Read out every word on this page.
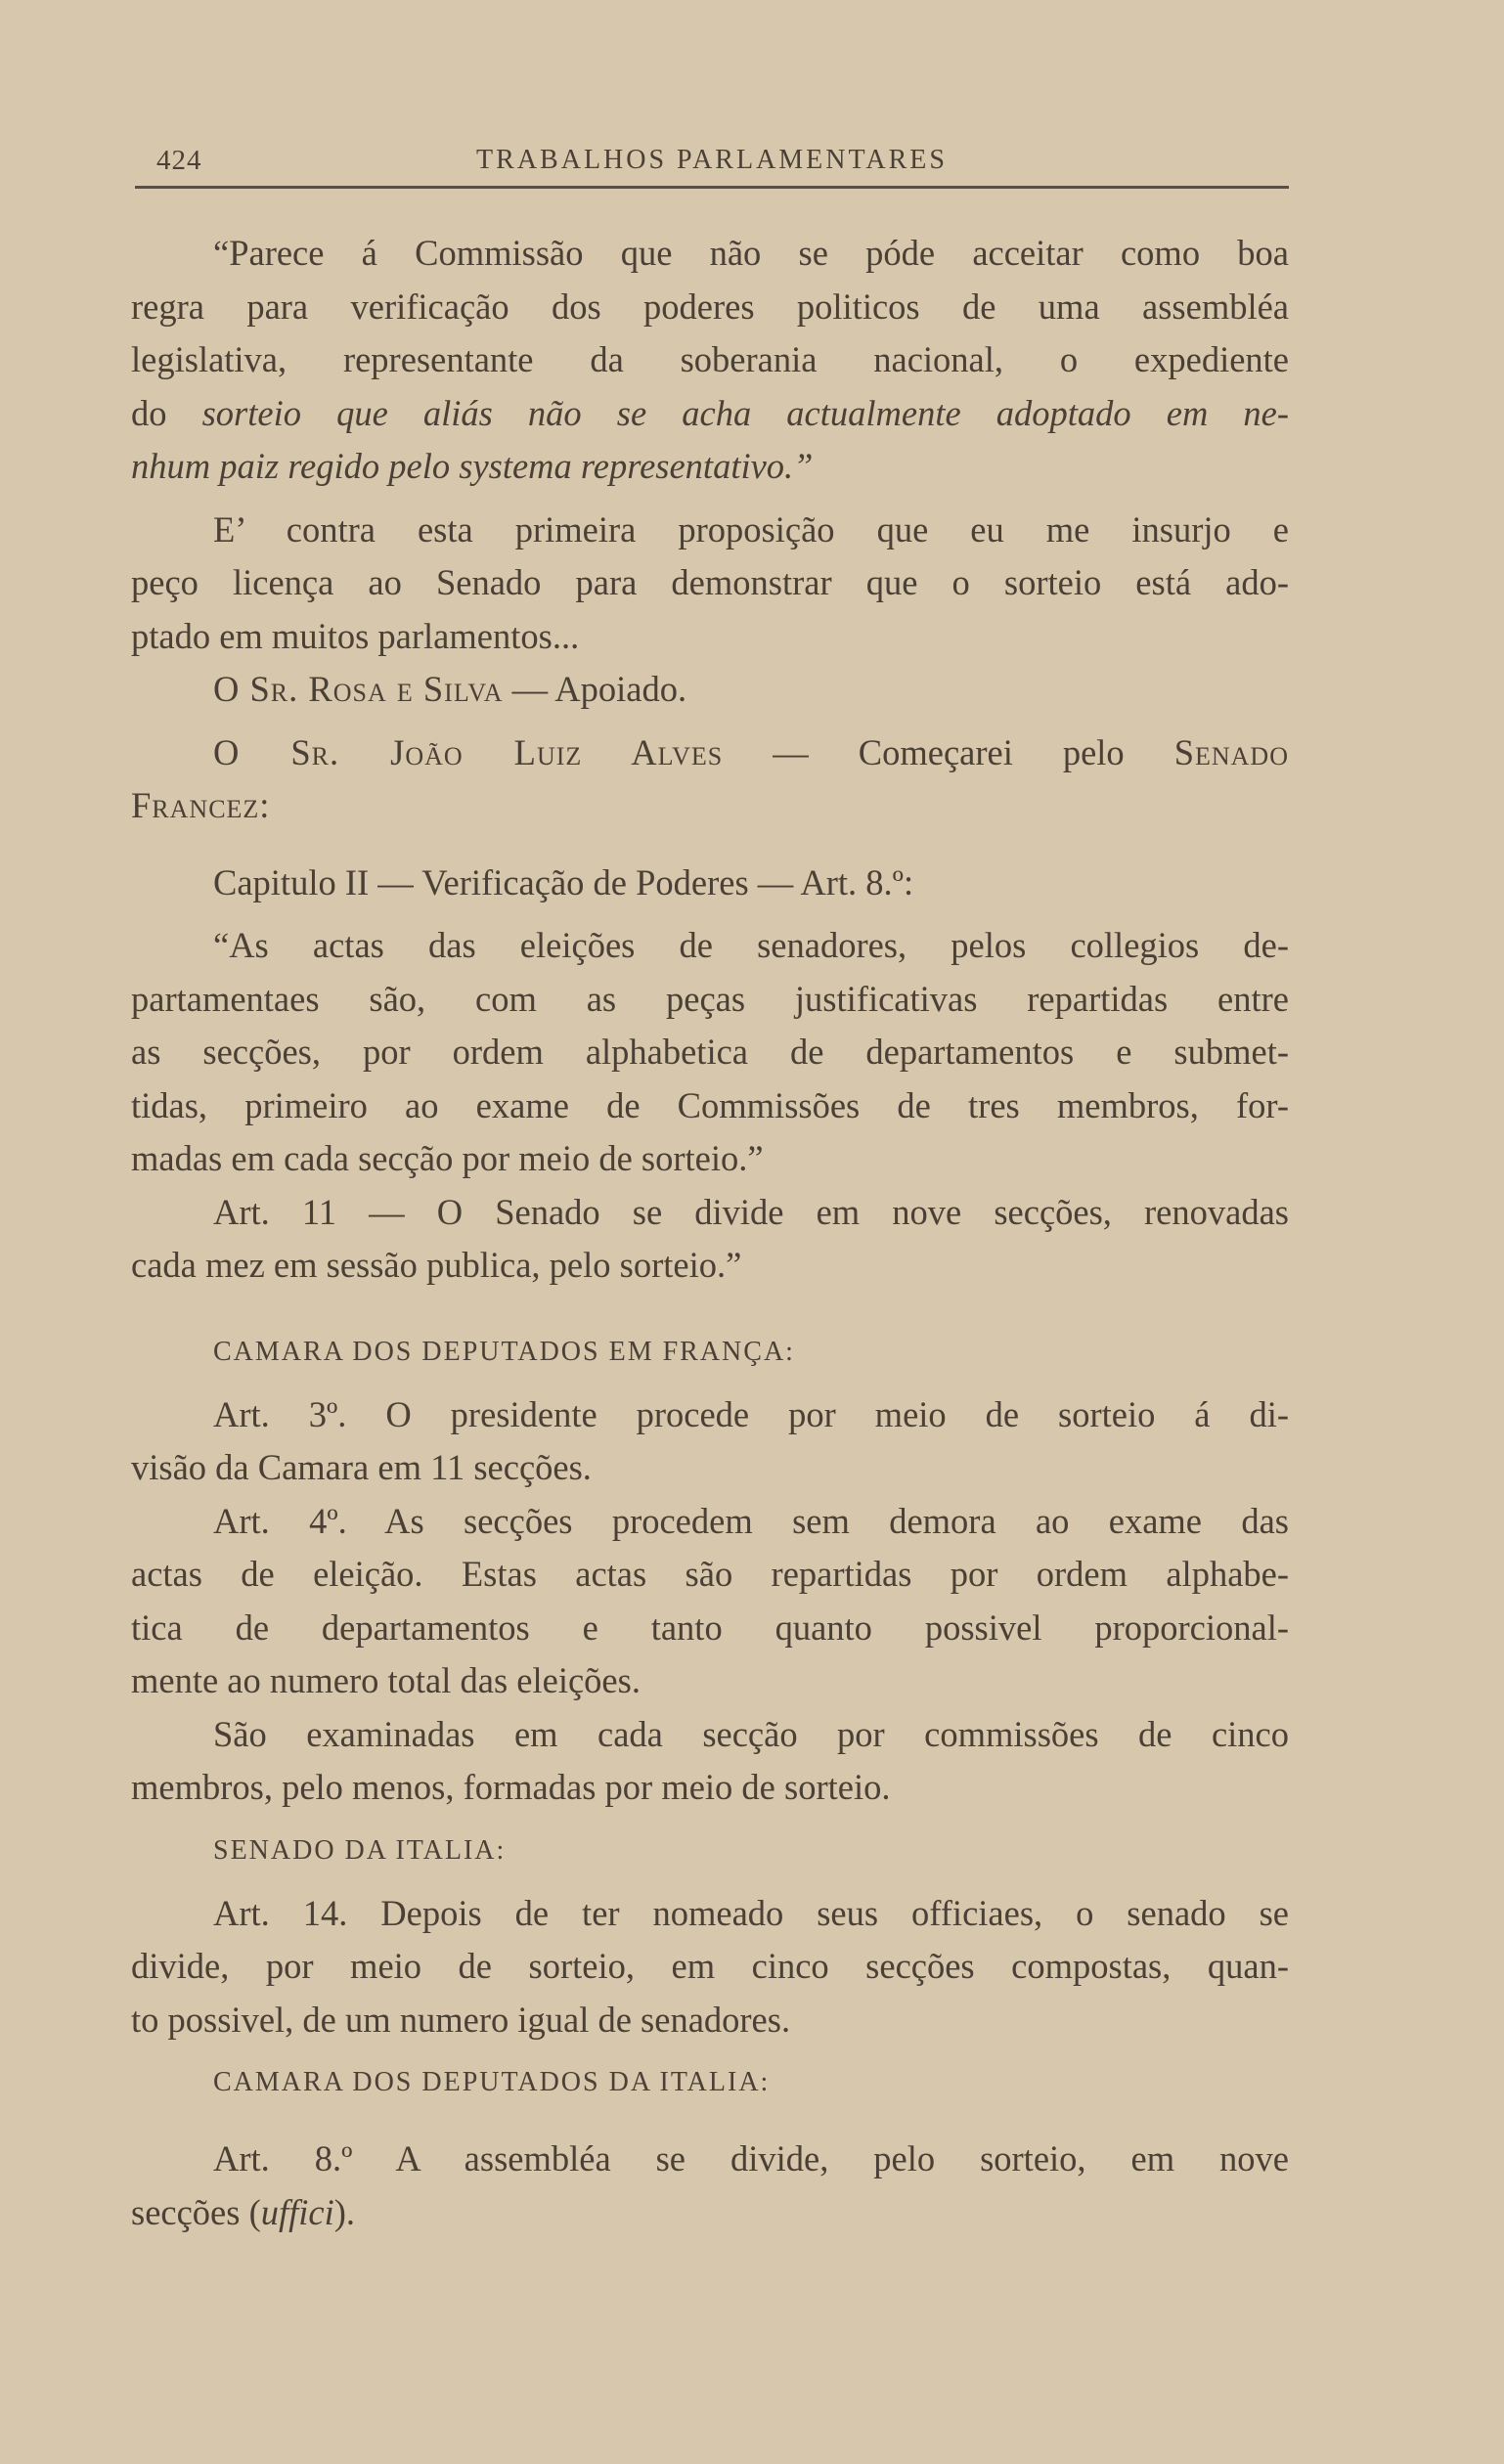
424	TRABALHOS PARLAMENTARES
“Parece á Commissão que não se póde acceitar como boa
regra para verificação dos poderes politicos de uma assembléa
legislativa, representante da soberania nacional, o expediente
do sorteio que aliás não se acha actualmente adoptado em ne-
nhum paiz regido pelo systema representativo.”
E’ contra esta primeira proposição que eu me insurjo e
peço licença ao Senado para demonstrar que o sorteio está ado-
ptado em muitos parlamentos...
O Sr. Rosa e Silva — Apoiado.
O Sr. João Luiz Alves — Começarei pelo Senado
Francez:
Capitulo II — Verificação de Poderes — Art. 8.º:
“As actas das eleições de senadores, pelos collegios de-
partamentaes são, com as peças justificativas repartidas entre
as secções, por ordem alphabetica de departamentos e submet-
tidas, primeiro ao exame de Commissões de tres membros, for-
madas em cada secção por meio de sorteio.”
Art. 11 — O Senado se divide em nove secções, renovadas
cada mez em sessão publica, pelo sorteio.”
CAMARA DOS DEPUTADOS EM FRANÇA:
Art. 3º. O presidente procede por meio de sorteio á di-
visão da Camara em 11 secções.
Art. 4º. As secções procedem sem demora ao exame das
actas de eleição. Estas actas são repartidas por ordem alphabe-
tica de departamentos e tanto quanto possivel proporcional-
mente ao numero total das eleições.
São examinadas em cada secção por commissões de cinco
membros, pelo menos, formadas por meio de sorteio.
SENADO DA ITALIA:
Art. 14. Depois de ter nomeado seus officiaes, o senado se
divide, por meio de sorteio, em cinco secções compostas, quan-
to possivel, de um numero igual de senadores.
CAMARA DOS DEPUTADOS DA ITALIA:
Art. 8.º A assembléa se divide, pelo sorteio, em nove
secções (uffici).
